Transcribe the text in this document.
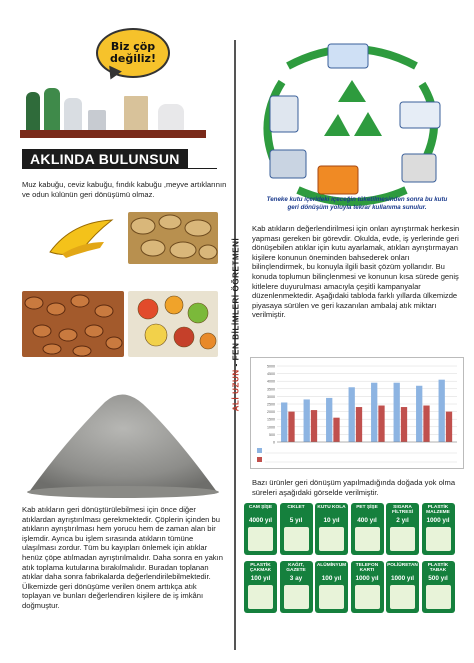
Biz çöp
değiliz!
AKLINDA BULUNSUN
Muz kabuğu, ceviz kabuğu, fındık kabuğu ,meyve artıklarının ve odun külünün geri dönüşümü olmaz.
Kab atıkların geri dönüştürülebilmesi için önce diğer atıklardan ayrıştırılması gerekmektedir. Çöplerin içinden bu atıkların ayrıştırılması hem yorucu hem de zaman alan bir işlemdir. Ayrıca bu işlem sırasında atıkların tümüne ulaşılması zordur. Tüm bu kayıpları önlemek için atıklar henüz çöpe atılmadan ayrıştırılmalıdır. Daha sonra en yakın atık toplama kutularına bırakılmalıdır. Buradan toplanan atıklar daha sonra fabrikalarda değerlendirilebilmektedir. Ülkemizde geri dönüşüme verilen önem arttıkça atık toplayan ve bunları değerlendiren kişilere de iş imkânı doğmuştur.
ALİ UZUN - FEN BİLİMLERİ ÖĞRETMENİ
Teneke kutu içerideki içeceğin tüketilmesinden sonra bu kutu geri dönüşüm yoluyla tekrar kullanıma sunulur.
Kab atıkların değerlendirilmesi için onları ayrıştırmak herkesin yapması gereken bir görevdir. Okulda, evde, iş yerlerinde geri dönüşebilen atıklar için kutu ayarlamak, atıkları ayrıştırmayan kişilere konunun öneminden bahsederek onları bilinçlendirmek, bu konuyla ilgili basit çözüm yollarıdır. Bu konuda toplumun bilinçlenmesi ve konunun kısa sürede geniş kitlelere duyurulması amacıyla çeşitli kampanyalar düzenlenmektedir. Aşağıdaki tabloda farklı yıllarda ülkemizde piyasaya sürülen ve geri kazanılan ambalaj atık miktarı verilmiştir.
0
500
1000
1500
2000
2500
3000
3500
4000
4500
5000
Bazı ürünler geri dönüşüm yapılmadığında doğada yok olma süreleri aşağıdaki görselde verilmiştir.
CAM ŞİŞE
4000 yıl
CIKLET
5 yıl
KUTU KOLA
10 yıl
PET ŞİŞE
400 yıl
SIGARA FİLTRESİ
2 yıl
PLASTİK MALZEME
1000 yıl
PLASTİK ÇAKMAK
100 yıl
KAĞIT, GAZETE
3 ay
ALÜMİNYUM
100 yıl
TELEFON KARTI
1000 yıl
POLİÜRETAN
1000 yıl
PLASTİK TABAK
500 yıl
